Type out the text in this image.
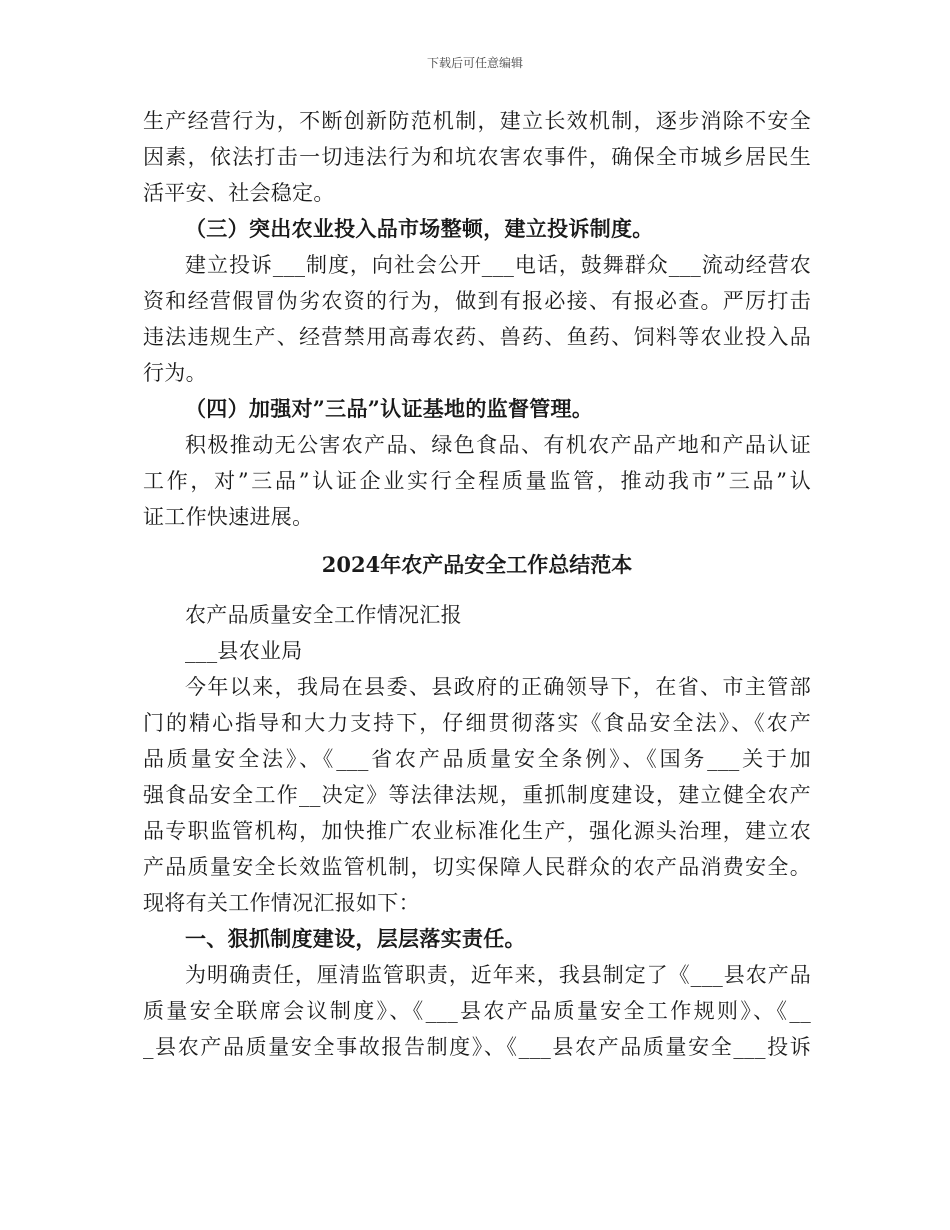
下载后可任意编辑
生产经营行为，不断创新防范机制，建立长效机制，逐步消除不安全
因素，依法打击一切违法行为和坑农害农事件，确保全市城乡居民生
活平安、社会稳定。
（三）突出农业投入品市场整顿，建立投诉制度。
建立投诉___制度，向社会公开___电话，鼓舞群众___流动经营农
资和经营假冒伪劣农资的行为，做到有报必接、有报必查。严厉打击
违法违规生产、经营禁用高毒农药、兽药、鱼药、饲料等农业投入品
行为。
（四）加强对”三品”认证基地的监督管理。
积极推动无公害农产品、绿色食品、有机农产品产地和产品认证
工作，对”三品”认证企业实行全程质量监管，推动我市”三品”认
证工作快速进展。
2024年农产品安全工作总结范本
农产品质量安全工作情况汇报
___县农业局
今年以来，我局在县委、县政府的正确领导下，在省、市主管部
门的精心指导和大力支持下，仔细贯彻落实《食品安全法》、《农产
品质量安全法》、《___省农产品质量安全条例》、《国务___关于加
强食品安全工作__决定》等法律法规，重抓制度建设，建立健全农产
品专职监管机构，加快推广农业标准化生产，强化源头治理，建立农
产品质量安全长效监管机制，切实保障人民群众的农产品消费安全。
现将有关工作情况汇报如下：
一、狠抓制度建设，层层落实责任。
为明确责任，厘清监管职责，近年来，我县制定了《___县农产品
质量安全联席会议制度》、《___县农产品质量安全工作规则》、《__
_县农产品质量安全事故报告制度》、《___县农产品质量安全___投诉
